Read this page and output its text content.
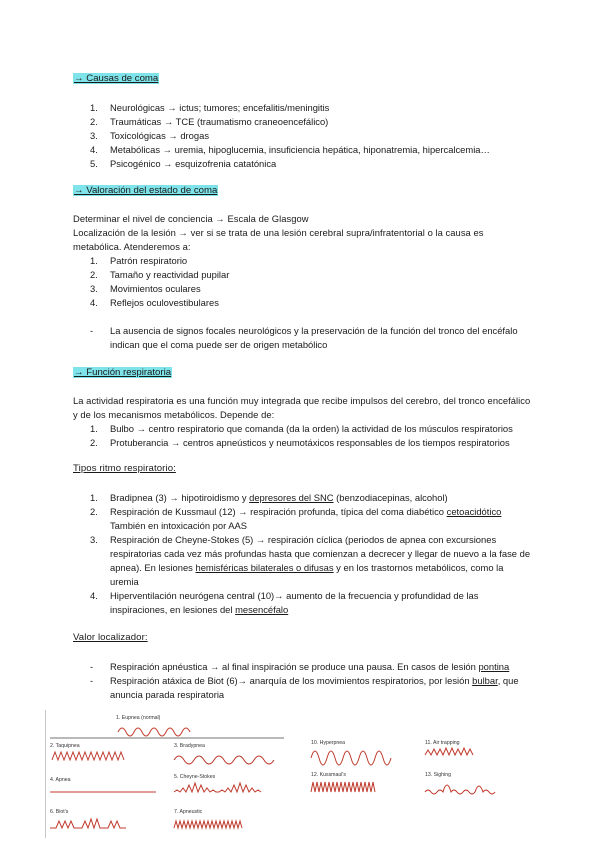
→ Causas de coma
1. Neurológicas → ictus; tumores; encefalitis/meningitis
2. Traumáticas → TCE (traumatismo craneoencefálico)
3. Toxicológicas → drogas
4. Metabólicas → uremia, hipoglucemia, insuficiencia hepática, hiponatremia, hipercalcemia…
5. Psicogénico → esquizofrenia catatónica
→ Valoración del estado de coma
Determinar el nivel de conciencia → Escala de Glasgow
Localización de la lesión → ver si se trata de una lesión cerebral supra/infratentorial o la causa es
metabólica. Atenderemos a:
1. Patrón respiratorio
2. Tamaño y reactividad pupilar
3. Movimientos oculares
4. Reflejos oculovestibulares
- La ausencia de signos focales neurológicos y la preservación de la función del tronco del encéfalo
indican que el coma puede ser de origen metabólico
→ Función respiratoria
La actividad respiratoria es una función muy integrada que recibe impulsos del cerebro, del tronco encefálico
y de los mecanismos metabólicos. Depende de:
1. Bulbo → centro respiratorio que comanda (da la orden) la actividad de los músculos respiratorios
2. Protuberancia → centros apneústicos y neumotáxicos responsables de los tiempos respiratorios
Tipos ritmo respiratorio:
1. Bradipnea (3) → hipotiroidismo y depresores del SNC (benzodiacepinas, alcohol)
2. Respiración de Kussmaul (12) → respiración profunda, típica del coma diabético cetoacidótico
También en intoxicación por AAS
3. Respiración de Cheyne-Stokes (5) → respiración cíclica (periodos de apnea con excursiones
respiratorias cada vez más profundas hasta que comienzan a decrecer y llegar de nuevo a la fase de
apnea). En lesiones hemisféricas bilaterales o difusas y en los trastornos metabólicos, como la
uremia
4. Hiperventilación neurógena central (10)→ aumento de la frecuencia y profundidad de las
inspiraciones, en lesiones del mesencéfalo
Valor localizador:
- Respiración apnéustica → al final inspiración se produce una pausa. En casos de lesión pontina
- Respiración atáxica de Biot (6)→ anarquía de los movimientos respiratorios, por lesión bulbar, que
anuncia parada respiratoria
1. Eupnea (normal)
2. Taquipnea	3. Bradypnea
4. Apnea	5. Cheyne-Stokes
6. Biot's	7. Apneustic
10. Hyperpnea	11. Air trapping
12. Kussmaul's	13. Sighing
